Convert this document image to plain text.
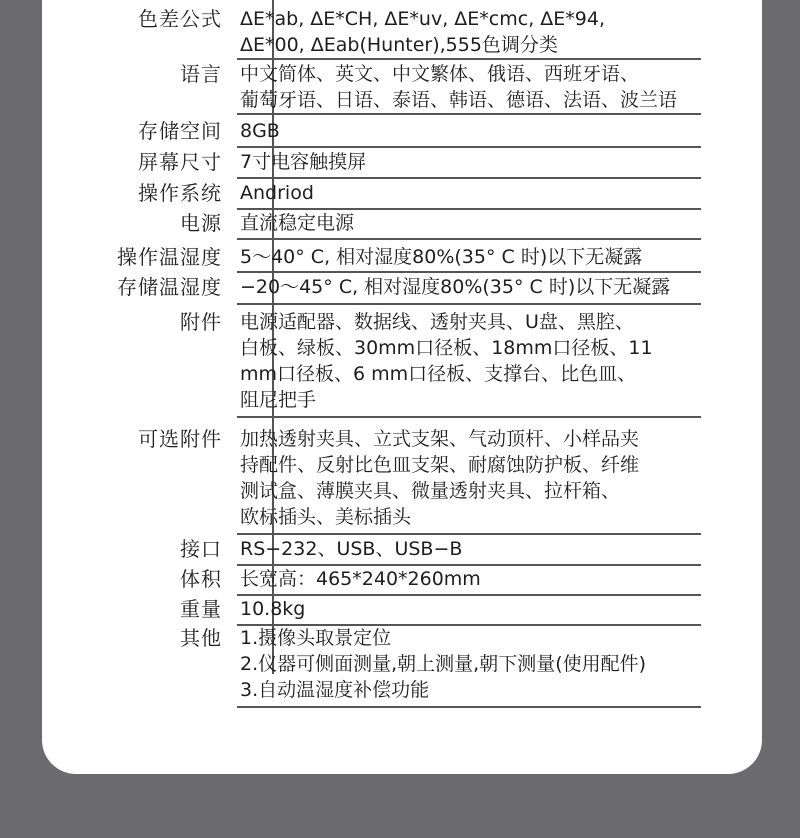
色差公式 ΔE*ab, ΔE*CH, ΔE*uv, ΔE*cmc, ΔE*94,
ΔE*00, ΔEab(Hunter),555色调分类
语言 中文简体、英文、中文繁体、俄语、西班牙语、
葡萄牙语、日语、泰语、韩语、德语、法语、波兰语
存储空间 8GB
屏幕尺寸 7寸电容触摸屏
操作系统 Andriod
电源 直流稳定电源
操作温湿度 5～40° C, 相对湿度80%(35° C 时)以下无凝露
存储温湿度 −20～45° C, 相对湿度80%(35° C 时)以下无凝露
附件 电源适配器、数据线、透射夹具、U盘、黑腔、
白板、绿板、30mm口径板、18mm口径板、11
mm口径板、6 mm口径板、支撑台、比色皿、
阻尼把手
可选附件 加热透射夹具、立式支架、气动顶杆、小样品夹
持配件、反射比色皿支架、耐腐蚀防护板、纤维
测试盒、薄膜夹具、微量透射夹具、拉杆箱、
欧标插头、美标插头
接口 RS−232、USB、USB−B
体积 长宽高：465*240*260mm
重量 10.8kg
其他 1.摄像头取景定位
2.仪器可侧面测量,朝上测量,朝下测量(使用配件)
3.自动温湿度补偿功能
